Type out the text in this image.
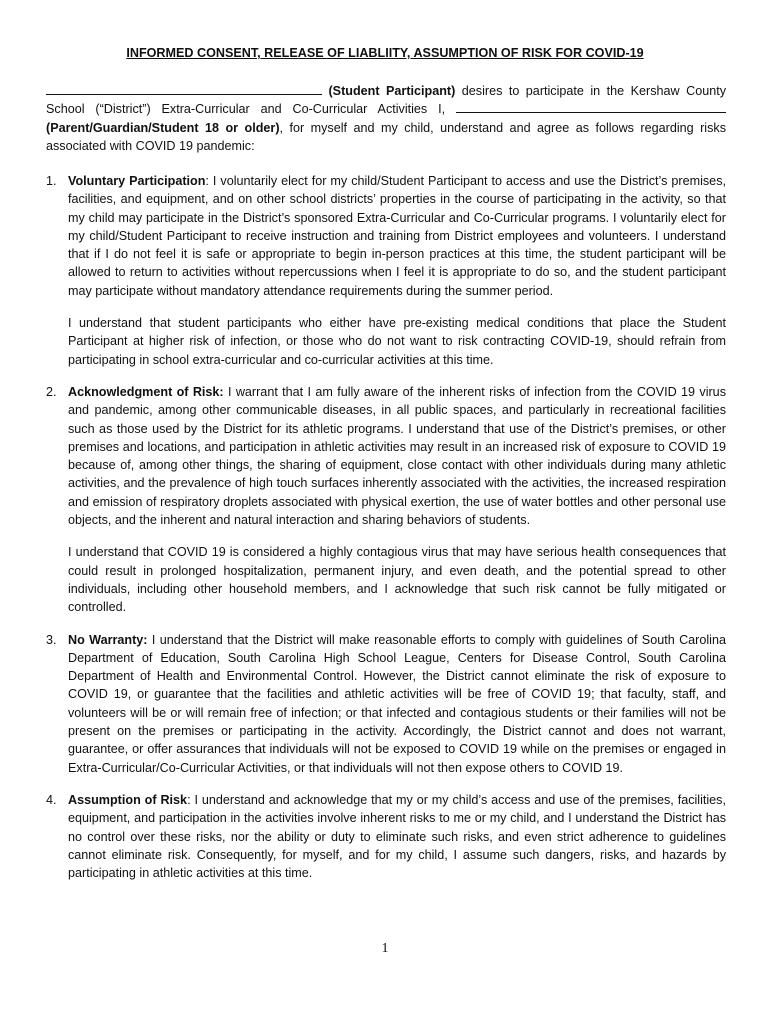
INFORMED CONSENT, RELEASE OF LIABLIITY, ASSUMPTION OF RISK FOR COVID-19
(Student Participant) desires to participate in the Kershaw County School (“District”) Extra-Curricular and Co-Curricular Activities I,  (Parent/Guardian/Student 18 or older), for myself and my child, understand and agree as follows regarding risks associated with COVID 19 pandemic:
1. Voluntary Participation: I voluntarily elect for my child/Student Participant to access and use the District’s premises, facilities, and equipment, and on other school districts’ properties in the course of participating in the activity, so that my child may participate in the District’s sponsored Extra-Curricular and Co-Curricular programs. I voluntarily elect for my child/Student Participant to receive instruction and training from District employees and volunteers. I understand that if I do not feel it is safe or appropriate to begin in-person practices at this time, the student participant will be allowed to return to activities without repercussions when I feel it is appropriate to do so, and the student participant may participate without mandatory attendance requirements during the summer period.

I understand that student participants who either have pre-existing medical conditions that place the Student Participant at higher risk of infection, or those who do not want to risk contracting COVID-19, should refrain from participating in school extra-curricular and co-curricular activities at this time.

2. Acknowledgment of Risk: I warrant that I am fully aware of the inherent risks of infection from the COVID 19 virus and pandemic, among other communicable diseases, in all public spaces, and particularly in recreational facilities such as those used by the District for its athletic programs. I understand that use of the District’s premises, or other premises and locations, and participation in athletic activities may result in an increased risk of exposure to COVID 19 because of, among other things, the sharing of equipment, close contact with other individuals during many athletic activities, and the prevalence of high touch surfaces inherently associated with the activities, the increased respiration and emission of respiratory droplets associated with physical exertion, the use of water bottles and other personal use objects, and the inherent and natural interaction and sharing behaviors of students.

I understand that COVID 19 is considered a highly contagious virus that may have serious health consequences that could result in prolonged hospitalization, permanent injury, and even death, and the potential spread to other individuals, including other household members, and I acknowledge that such risk cannot be fully mitigated or controlled.

3. No Warranty: I understand that the District will make reasonable efforts to comply with guidelines of South Carolina Department of Education, South Carolina High School League, Centers for Disease Control, South Carolina Department of Health and Environmental Control. However, the District cannot eliminate the risk of exposure to COVID 19, or guarantee that the facilities and athletic activities will be free of COVID 19; that faculty, staff, and volunteers will be or will remain free of infection; or that infected and contagious students or their families will not be present on the premises or participating in the activity. Accordingly, the District cannot and does not warrant, guarantee, or offer assurances that individuals will not be exposed to COVID 19 while on the premises or engaged in Extra-Curricular/Co-Curricular Activities, or that individuals will not then expose others to COVID 19.

4. Assumption of Risk: I understand and acknowledge that my or my child’s access and use of the premises, facilities, equipment, and participation in the activities involve inherent risks to me or my child, and I understand the District has no control over these risks, nor the ability or duty to eliminate such risks, and even strict adherence to guidelines cannot eliminate risk. Consequently, for myself, and for my child, I assume such dangers, risks, and hazards by participating in athletic activities at this time.

1
